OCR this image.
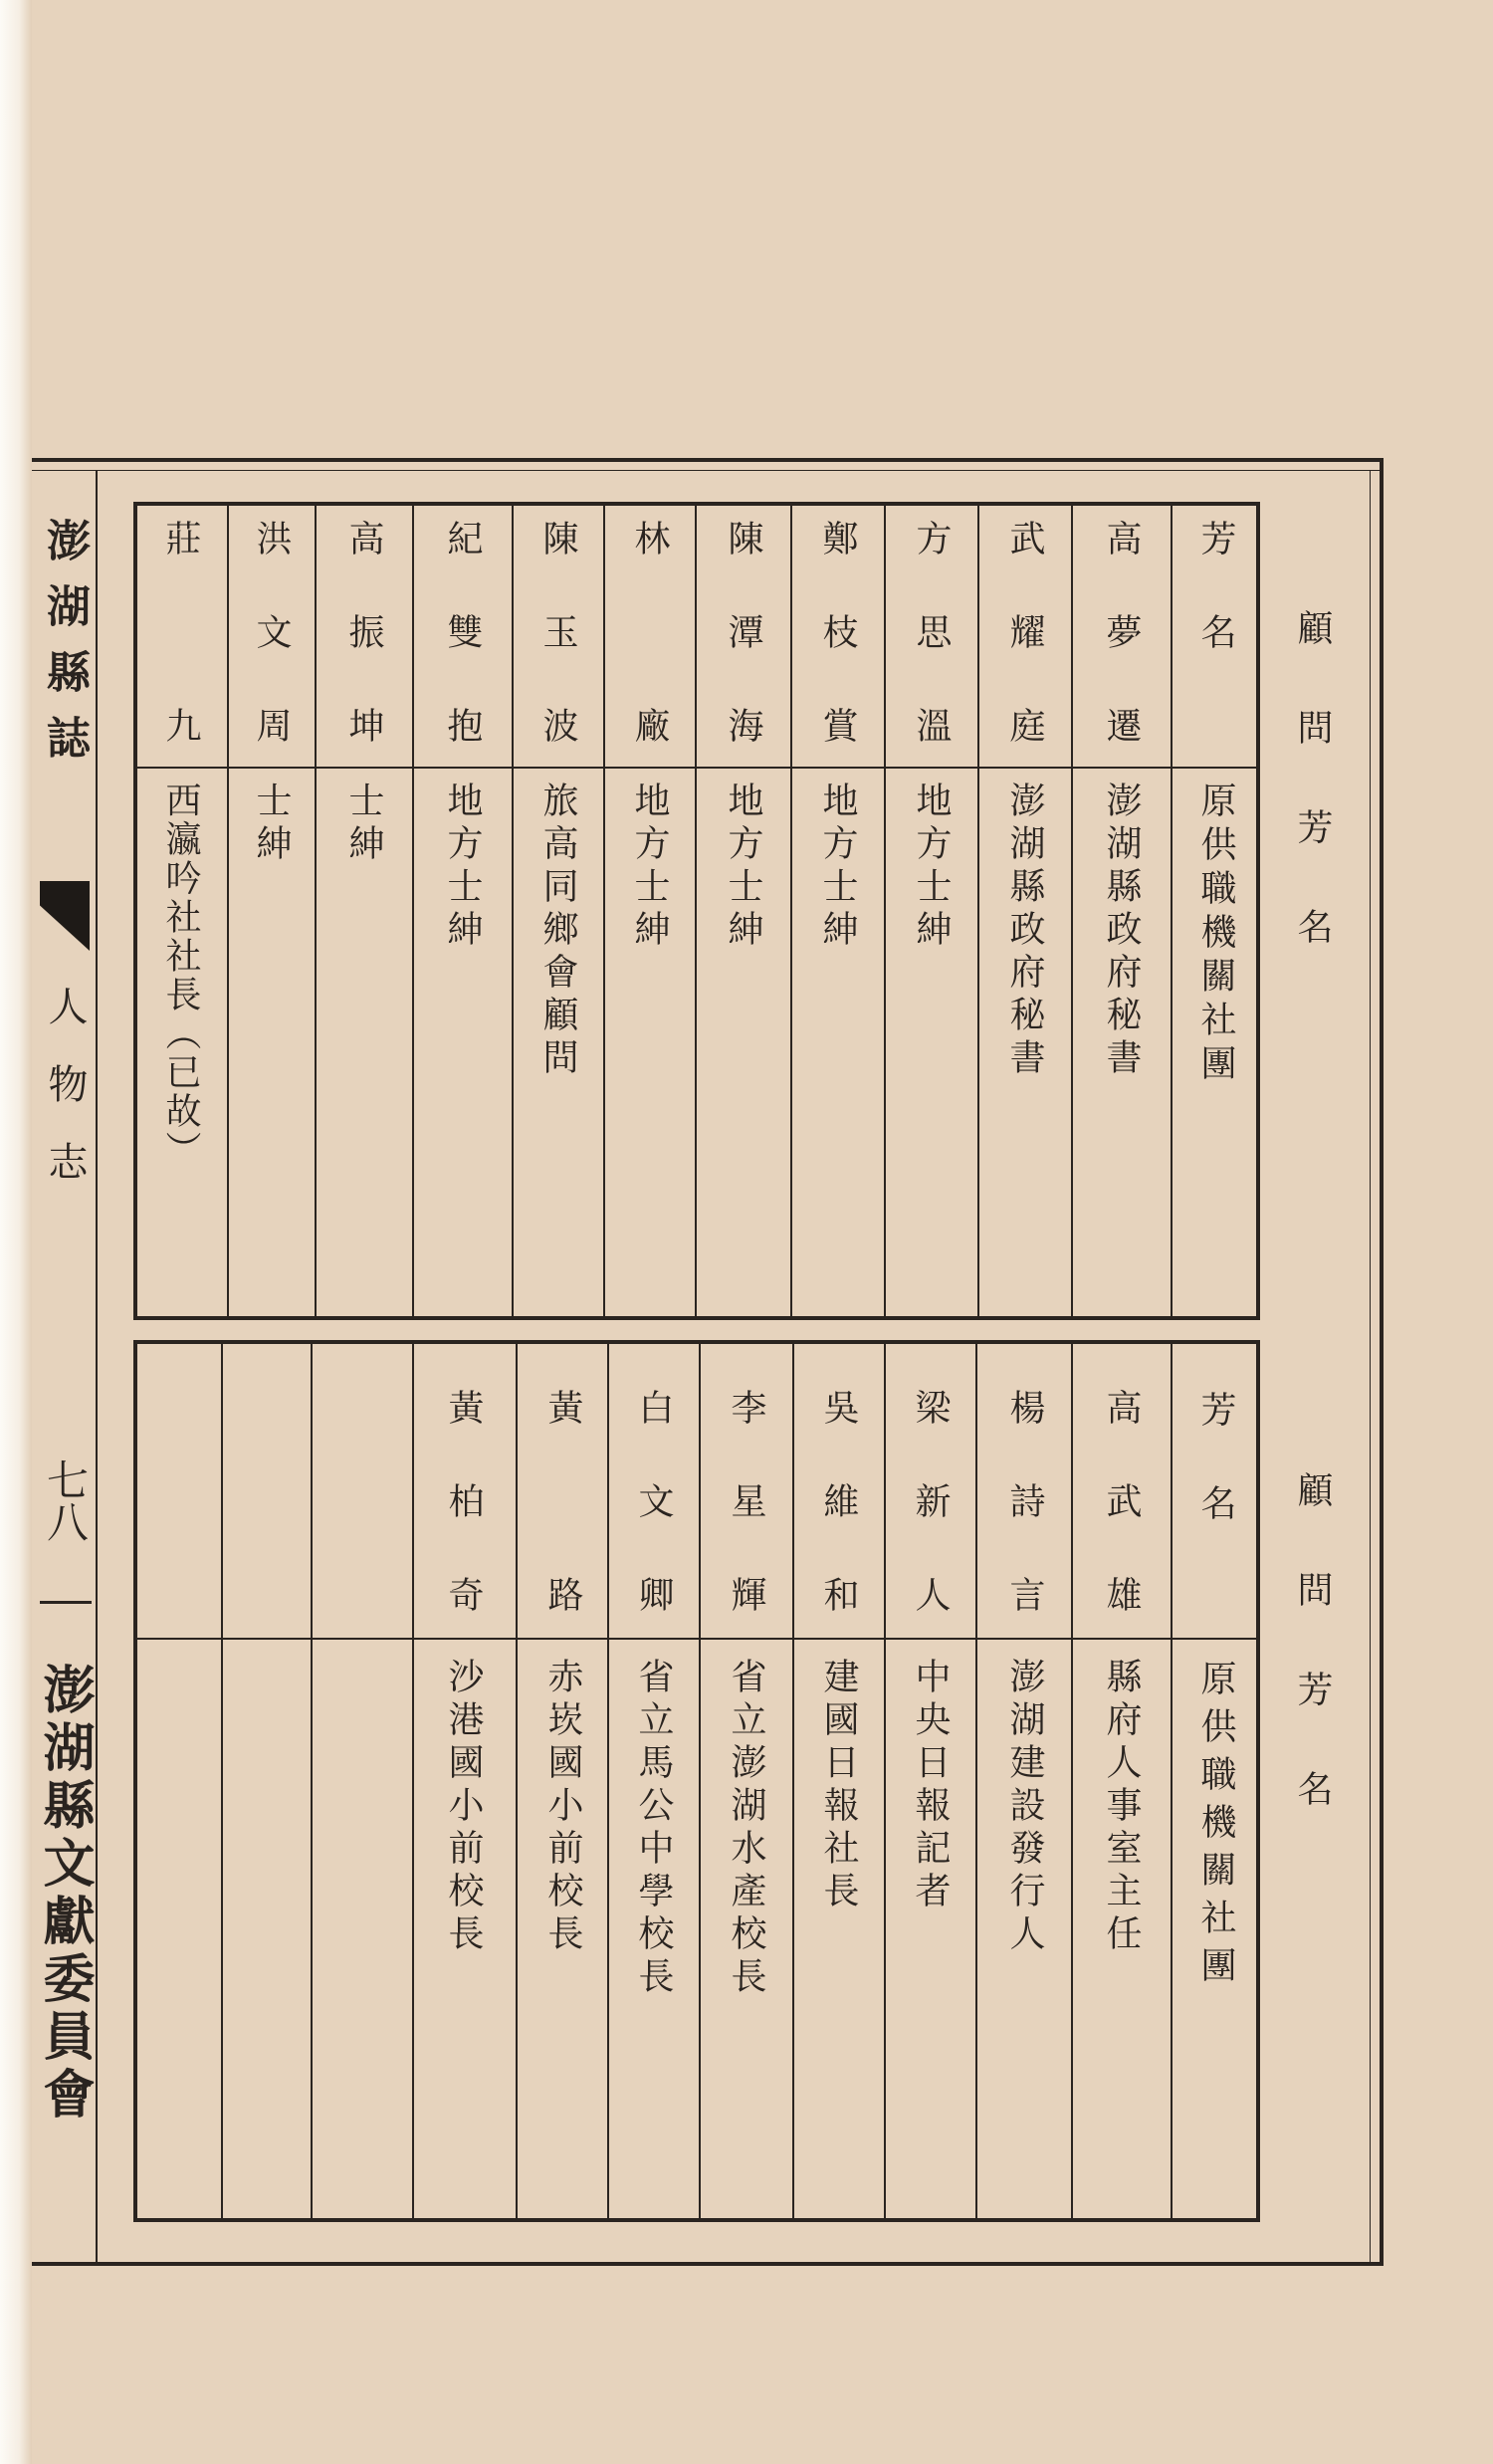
澎湖縣誌
人物志
七八
澎湖縣文獻委員會
芳名
原供職機關社團 顧問芳名
高夢遷
澎湖縣政府秘書
武耀庭
澎湖縣政府秘書
方思溫
地方士紳
鄭枝賞
地方士紳
陳潭海
地方士紳
林　廠
地方士紳
陳玉波
旅高同鄉會顧問
紀雙抱
地方士紳
高振坤
士紳
洪文周
士紳
莊　九
西瀛吟社社長（已故）
芳名
原供職機關社團 顧問芳名
高武雄
縣府人事室主任
楊詩言
澎湖建設發行人
梁新人
中央日報記者
吳維和
建國日報社長
李星輝
省立澎湖水產校長
白文卿
省立馬公中學校長
黃　路
赤崁國小前校長
黃柏奇
沙港國小前校長
